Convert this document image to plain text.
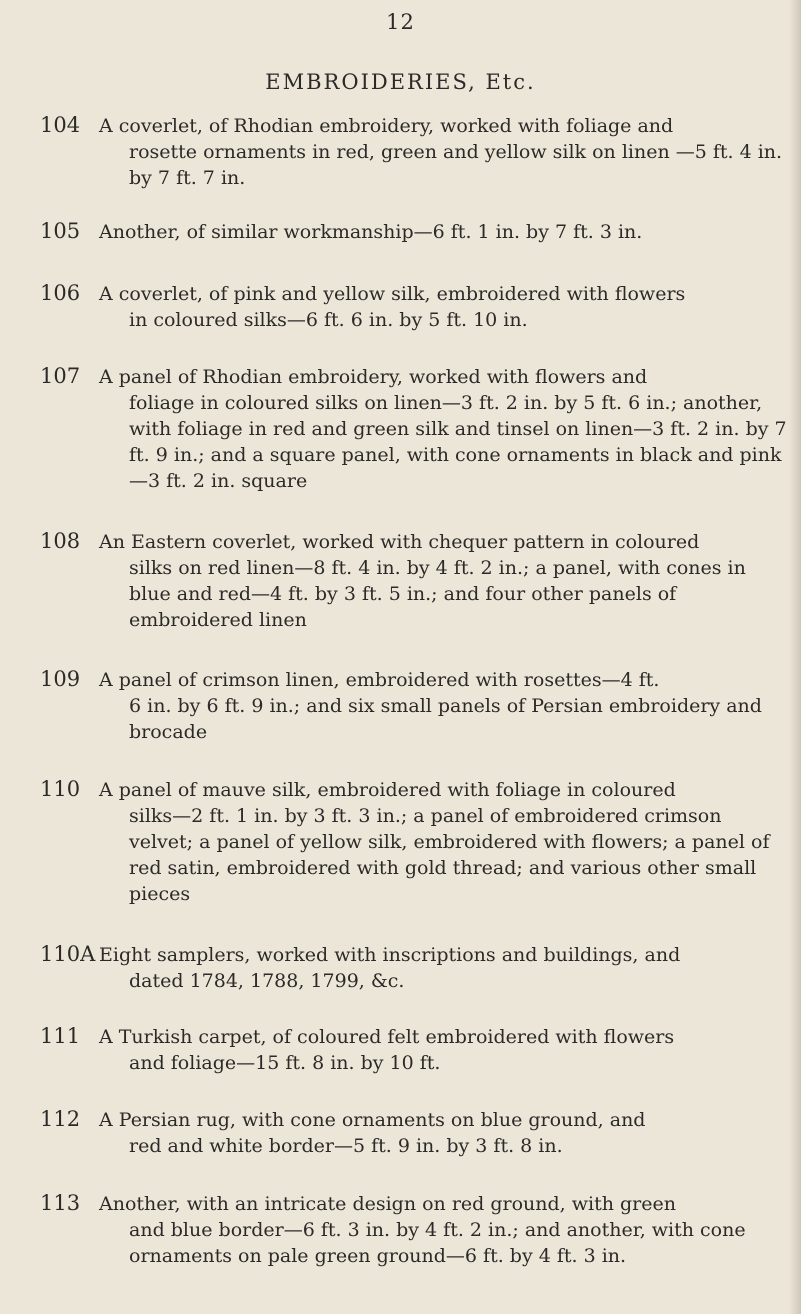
12
EMBROIDERIES, Etc.
104 A coverlet, of Rhodian embroidery, worked with foliage and
rosette ornaments in red, green and yellow silk on linen —5 ft. 4 in. by 7 ft. 7 in.
105 Another, of similar workmanship—6 ft. 1 in. by 7 ft. 3 in.
106 A coverlet, of pink and yellow silk, embroidered with flowers
in coloured silks—6 ft. 6 in. by 5 ft. 10 in.
107 A panel of Rhodian embroidery, worked with flowers and
foliage in coloured silks on linen—3 ft. 2 in. by 5 ft. 6 in.; another, with foliage in red and green silk and tinsel on linen—3 ft. 2 in. by 7 ft. 9 in.; and a square panel, with cone ornaments in black and pink—3 ft. 2 in. square
108 An Eastern coverlet, worked with chequer pattern in coloured
silks on red linen—8 ft. 4 in. by 4 ft. 2 in.; a panel, with cones in blue and red—4 ft. by 3 ft. 5 in.; and four other panels of embroidered linen
109 A panel of crimson linen, embroidered with rosettes—4 ft.
6 in. by 6 ft. 9 in.; and six small panels of Persian embroidery and brocade
110 A panel of mauve silk, embroidered with foliage in coloured
silks—2 ft. 1 in. by 3 ft. 3 in.; a panel of embroidered crimson velvet; a panel of yellow silk, embroidered with flowers; a panel of red satin, embroidered with gold thread; and various other small pieces
110A Eight samplers, worked with inscriptions and buildings, and
dated 1784, 1788, 1799, &c.
111 A Turkish carpet, of coloured felt embroidered with flowers
and foliage—15 ft. 8 in. by 10 ft.
112 A Persian rug, with cone ornaments on blue ground, and
red and white border—5 ft. 9 in. by 3 ft. 8 in.
113 Another, with an intricate design on red ground, with green
and blue border—6 ft. 3 in. by 4 ft. 2 in.; and another, with cone ornaments on pale green ground—6 ft. by 4 ft. 3 in.
